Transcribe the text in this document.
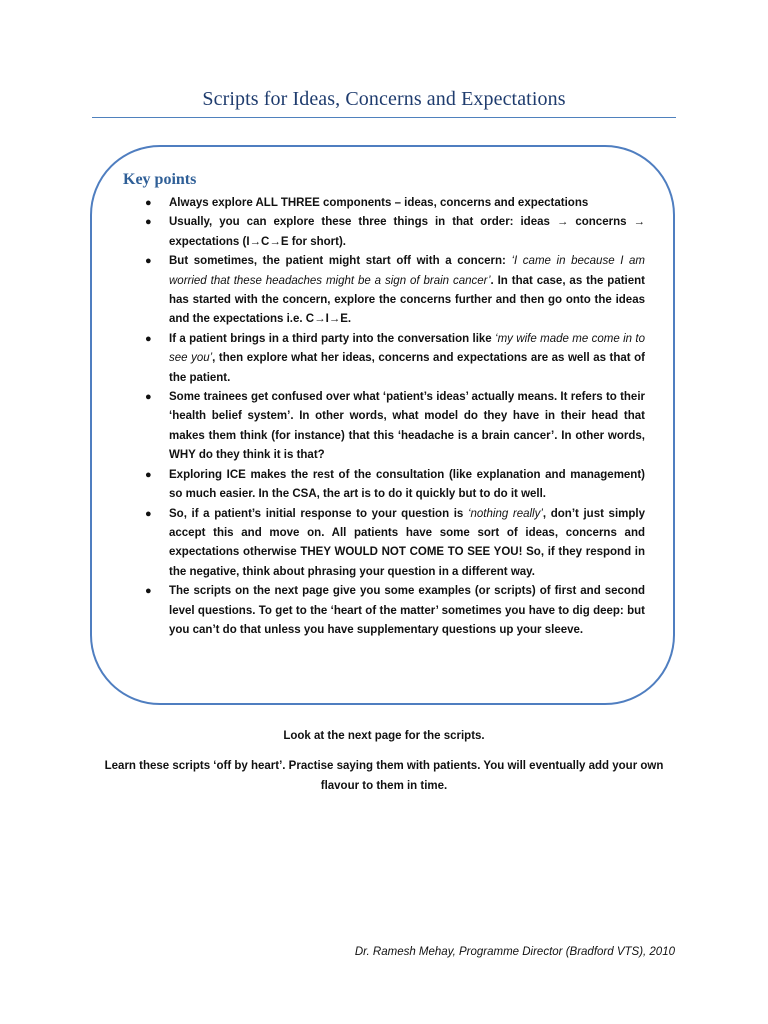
Scripts for Ideas, Concerns and Expectations
Key points
● Always explore ALL THREE components – ideas, concerns and expectations
● Usually, you can explore these three things in that order: ideas → concerns → expectations (I→C→E for short).
● But sometimes, the patient might start off with a concern: ‘I came in because I am worried that these headaches might be a sign of brain cancer’. In that case, as the patient has started with the concern, explore the concerns further and then go onto the ideas and the expectations i.e. C→I→E.
● If a patient brings in a third party into the conversation like ‘my wife made me come in to see you’, then explore what her ideas, concerns and expectations are as well as that of the patient.
● Some trainees get confused over what ‘patient’s ideas’ actually means. It refers to their ‘health belief system’. In other words, what model do they have in their head that makes them think (for instance) that this ‘headache is a brain cancer’. In other words, WHY do they think it is that?
● Exploring ICE makes the rest of the consultation (like explanation and management) so much easier. In the CSA, the art is to do it quickly but to do it well.
● So, if a patient’s initial response to your question is ‘nothing really’, don’t just simply accept this and move on. All patients have some sort of ideas, concerns and expectations otherwise THEY WOULD NOT COME TO SEE YOU! So, if they respond in the negative, think about phrasing your question in a different way.
● The scripts on the next page give you some examples (or scripts) of first and second level questions. To get to the ‘heart of the matter’ sometimes you have to dig deep: but you can’t do that unless you have supplementary questions up your sleeve.
Look at the next page for the scripts.
Learn these scripts ‘off by heart’. Practise saying them with patients. You will eventually add your own flavour to them in time.
Dr. Ramesh Mehay, Programme Director (Bradford VTS), 2010
